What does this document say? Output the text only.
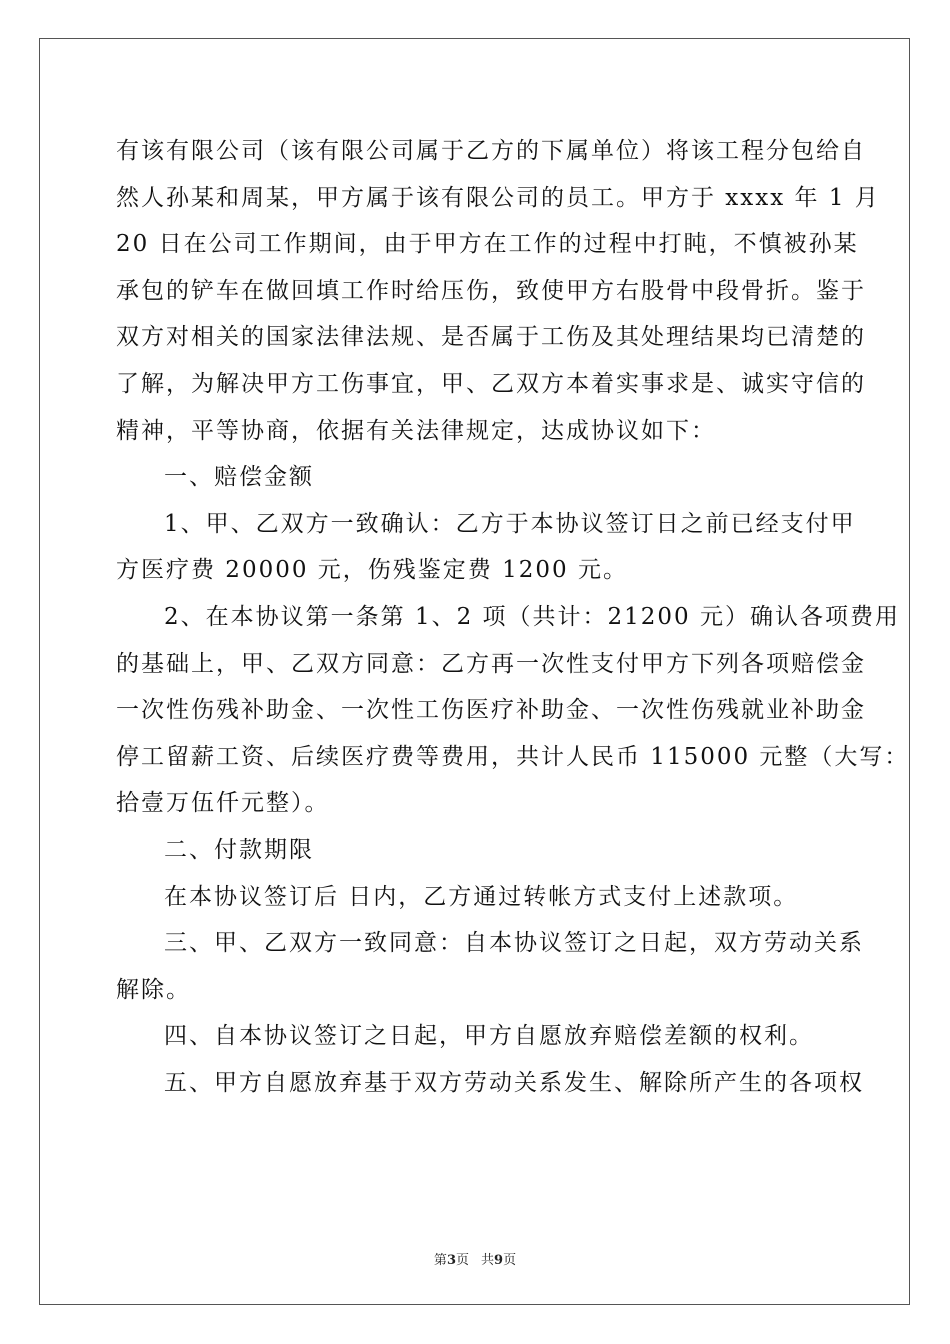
有该有限公司（该有限公司属于乙方的下属单位）将该工程分包给自
然人孙某和周某，甲方属于该有限公司的员工。甲方于 xxxx 年 1 月
20 日在公司工作期间，由于甲方在工作的过程中打盹，不慎被孙某
承包的铲车在做回填工作时给压伤，致使甲方右股骨中段骨折。鉴于
双方对相关的国家法律法规、是否属于工伤及其处理结果均已清楚的
了解，为解决甲方工伤事宜，甲、乙双方本着实事求是、诚实守信的
精神，平等协商，依据有关法律规定，达成协议如下：
一、赔偿金额
1、甲、乙双方一致确认：乙方于本协议签订日之前已经支付甲
方医疗费 20000 元，伤残鉴定费 1200 元。
2、在本协议第一条第 1、2 项（共计：21200 元）确认各项费用
的基础上，甲、乙双方同意：乙方再一次性支付甲方下列各项赔偿金
一次性伤残补助金、一次性工伤医疗补助金、一次性伤残就业补助金
停工留薪工资、后续医疗费等费用，共计人民币 115000 元整（大写：
拾壹万伍仟元整）。
二、付款期限
在本协议签订后 日内，乙方通过转帐方式支付上述款项。
三、甲、乙双方一致同意：自本协议签订之日起，双方劳动关系
解除。
四、自本协议签订之日起，甲方自愿放弃赔偿差额的权利。
五、甲方自愿放弃基于双方劳动关系发生、解除所产生的各项权
第3页 共9页
